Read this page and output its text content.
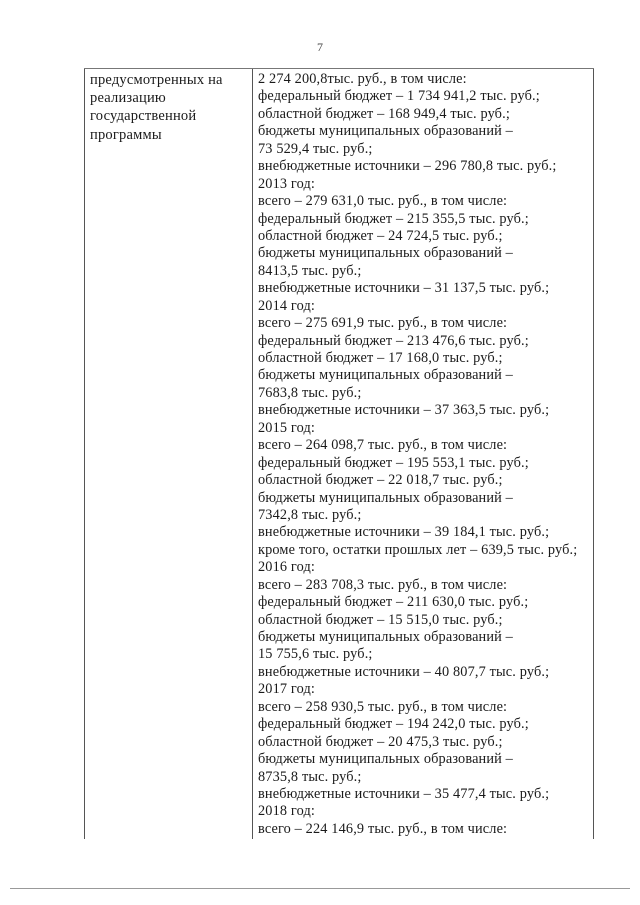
7
предусмотренных на
реализацию
государственной
программы
2 274 200,8тыс. руб., в том числе:
федеральный бюджет – 1 734 941,2 тыс. руб.;
областной бюджет – 168 949,4 тыс. руб.;
бюджеты муниципальных образований –
73 529,4 тыс. руб.;
внебюджетные источники – 296 780,8 тыс. руб.;
2013 год:
всего – 279 631,0 тыс. руб., в том числе:
федеральный бюджет – 215 355,5 тыс. руб.;
областной бюджет – 24 724,5 тыс. руб.;
бюджеты муниципальных образований –
8413,5 тыс. руб.;
внебюджетные источники – 31 137,5 тыс. руб.;
2014 год:
всего – 275 691,9 тыс. руб., в том числе:
федеральный бюджет – 213 476,6 тыс. руб.;
областной бюджет – 17 168,0 тыс. руб.;
бюджеты муниципальных образований –
7683,8 тыс. руб.;
внебюджетные источники – 37 363,5 тыс. руб.;
2015 год:
всего – 264 098,7 тыс. руб., в том числе:
федеральный бюджет – 195 553,1 тыс. руб.;
областной бюджет – 22 018,7 тыс. руб.;
бюджеты муниципальных образований –
7342,8 тыс. руб.;
внебюджетные источники – 39 184,1 тыс. руб.;
кроме того, остатки прошлых лет – 639,5 тыс. руб.;
2016 год:
всего – 283 708,3 тыс. руб., в том числе:
федеральный бюджет – 211 630,0 тыс. руб.;
областной бюджет – 15 515,0 тыс. руб.;
бюджеты муниципальных образований –
15 755,6 тыс. руб.;
внебюджетные источники – 40 807,7 тыс. руб.;
2017 год:
всего – 258 930,5 тыс. руб., в том числе:
федеральный бюджет – 194 242,0 тыс. руб.;
областной бюджет – 20 475,3 тыс. руб.;
бюджеты муниципальных образований –
8735,8 тыс. руб.;
внебюджетные источники – 35 477,4 тыс. руб.;
2018 год:
всего – 224 146,9 тыс. руб., в том числе:
